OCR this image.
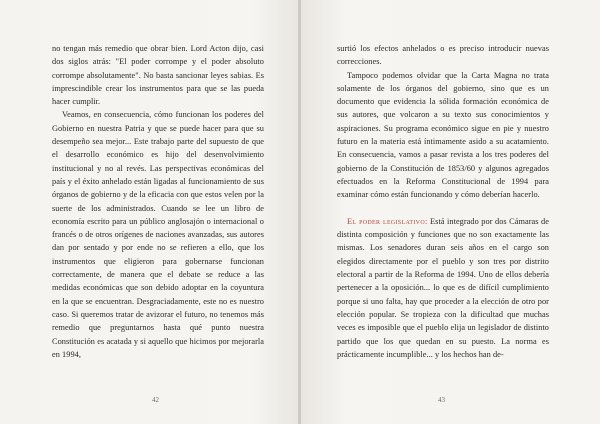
no tengan más remedio que obrar bien. Lord Acton dijo, casi dos siglos atrás: "El poder corrompe y el poder absoluto corrompe absolutamente". No basta sancionar leyes sabias. Es imprescindible crear los instrumentos para que se las pueda hacer cumplir.

Veamos, en consecuencia, cómo funcionan los poderes del Gobierno en nuestra Patria y que se puede hacer para que su desempeño sea mejor... Este trabajo parte del supuesto de que el desarrollo económico es hijo del desenvolvimiento institucional y no al revés. Las perspectivas económicas del país y el éxito anhelado están ligadas al funcionamiento de sus órganos de gobierno y de la eficacia con que estos velen por la suerte de los administrados. Cuando se lee un libro de economía escrito para un público anglosajón o internacional o francés o de otros orígenes de naciones avanzadas, sus autores dan por sentado y por ende no se refieren a ello, que los instrumentos que eligieron para gobernarse funcionan correctamente, de manera que el debate se reduce a las medidas económicas que son debido adoptar en la coyuntura en la que se encuentran. Desgraciadamente, este no es nuestro caso. Si queremos tratar de avizorar el futuro, no tenemos más remedio que preguntarnos hasta qué punto nuestra Constitución es acatada y si aquello que hicimos por mejorarla en 1994,

42

surtió los efectos anhelados o es preciso introducir nuevas correcciones.

Tampoco podemos olvidar que la Carta Magna no trata solamente de los órganos del gobierno, sino que es un documento que evidencia la sólida formación económica de sus autores, que volcaron a su texto sus conocimientos y aspiraciones. Su programa económico sigue en pie y nuestro futuro en la materia está íntimamente asido a su acatamiento. En consecuencia, vamos a pasar revista a los tres poderes del gobierno de la Constitución de 1853/60 y algunos agregados efectuados en la Reforma Constitucional de 1994 para examinar cómo están funcionando y cómo deberían hacerlo.

El poder legislativo: Está integrado por dos Cámaras de distinta composición y funciones que no son exactamente las mismas. Los senadores duran seis años en el cargo son elegidos directamente por el pueblo y son tres por distrito electoral a partir de la Reforma de 1994. Uno de ellos debería pertenecer a la oposición... lo que es de difícil cumplimiento porque si uno falta, hay que proceder a la elección de otro por elección popular. Se tropieza con la dificultad que muchas veces es imposible que el pueblo elija un legislador de distinto partido que los que quedan en su puesto. La norma es prácticamente incumplible... y los hechos han de-

43
